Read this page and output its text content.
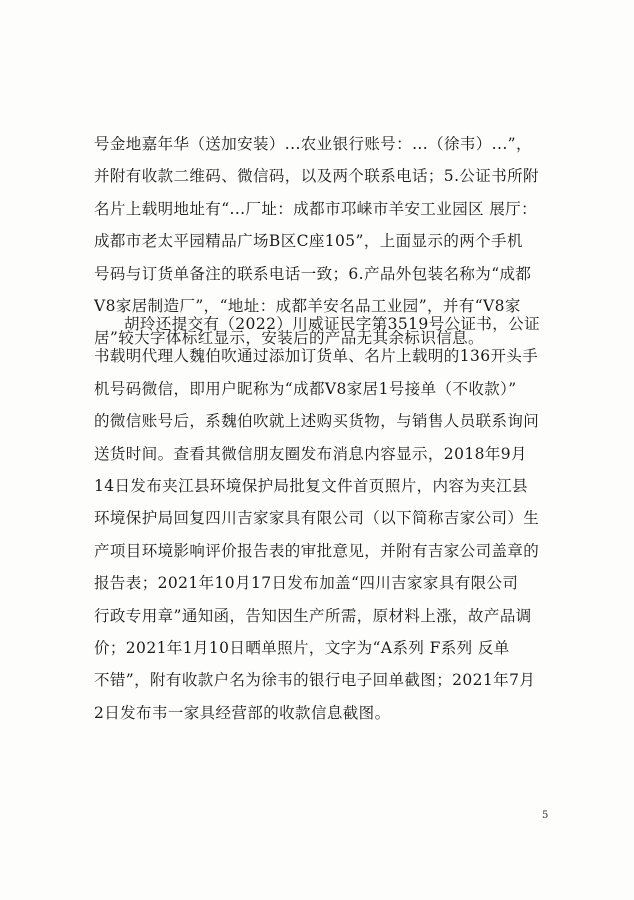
号金地嘉年华（送加安装）...农业银行账号：...（徐韦）...”，
并附有收款二维码、微信码，以及两个联系电话；5.公证书所附
名片上载明地址有“...厂址：成都市邛崃市羊安工业园区 展厅：
成都市老太平园精品广场B区C座105”，上面显示的两个手机
号码与订货单备注的联系电话一致；6.产品外包装名称为“成都
V8家居制造厂”，“地址：成都羊安名品工业园”，并有“V8家
居”较大字体标红显示，安装后的产品无其余标识信息。
胡玲还提交有（2022）川威证民字第3519号公证书，公证
书载明代理人魏伯吹通过添加订货单、名片上载明的136开头手
机号码微信，即用户昵称为“成都V8家居1号接单（不收款）”
的微信账号后，系魏伯吹就上述购买货物，与销售人员联系询问
送货时间。查看其微信朋友圈发布消息内容显示，2018年9月
14日发布夹江县环境保护局批复文件首页照片，内容为夹江县
环境保护局回复四川吉家家具有限公司（以下简称吉家公司）生
产项目环境影响评价报告表的审批意见，并附有吉家公司盖章的
报告表；2021年10月17日发布加盖“四川吉家家具有限公司
行政专用章”通知函，告知因生产所需，原材料上涨，故产品调
价；2021年1月10日晒单照片，文字为“A系列 F系列 反单
不错”，附有收款户名为徐韦的银行电子回单截图；2021年7月
2日发布韦一家具经营部的收款信息截图。
5
